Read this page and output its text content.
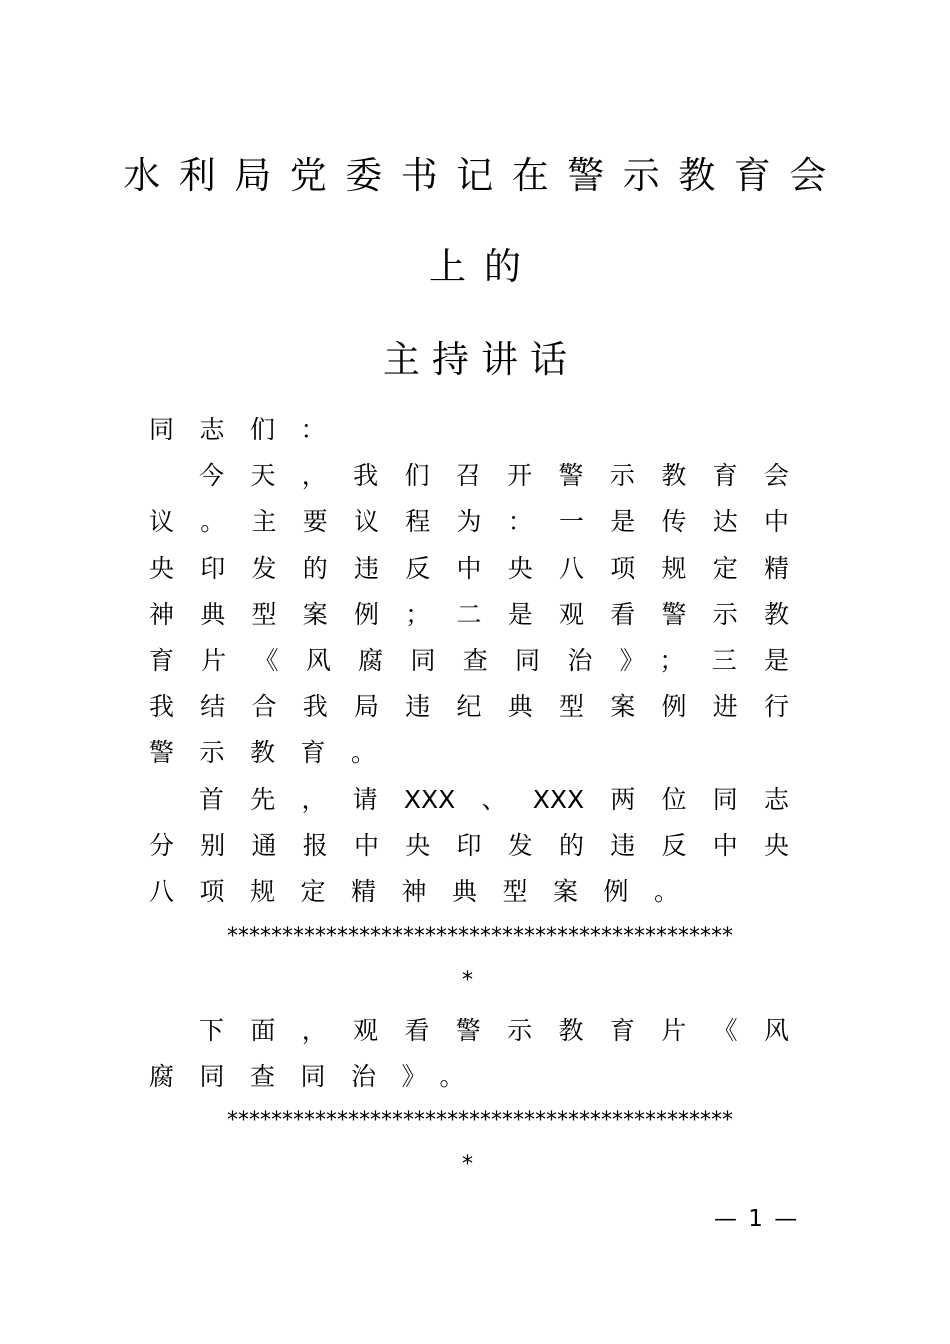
水利局党委书记在警示教育会
上的
主持讲话
同志们：
今天，我们召开警示教育会
议。主要议程为：一是传达中
央印发的违反中央八项规定精
神典型案例；二是观看警示教
育片《风腐同查同治》；三是
我结合我局违纪典型案例进行
警示教育。
首先，请XXX、XXX两位同志
分别通报中央印发的违反中央
八项规定精神典型案例。
**********************************************
*
下面，观看警示教育片《风
腐同查同治》。
**********************************************
*
— 1 —
